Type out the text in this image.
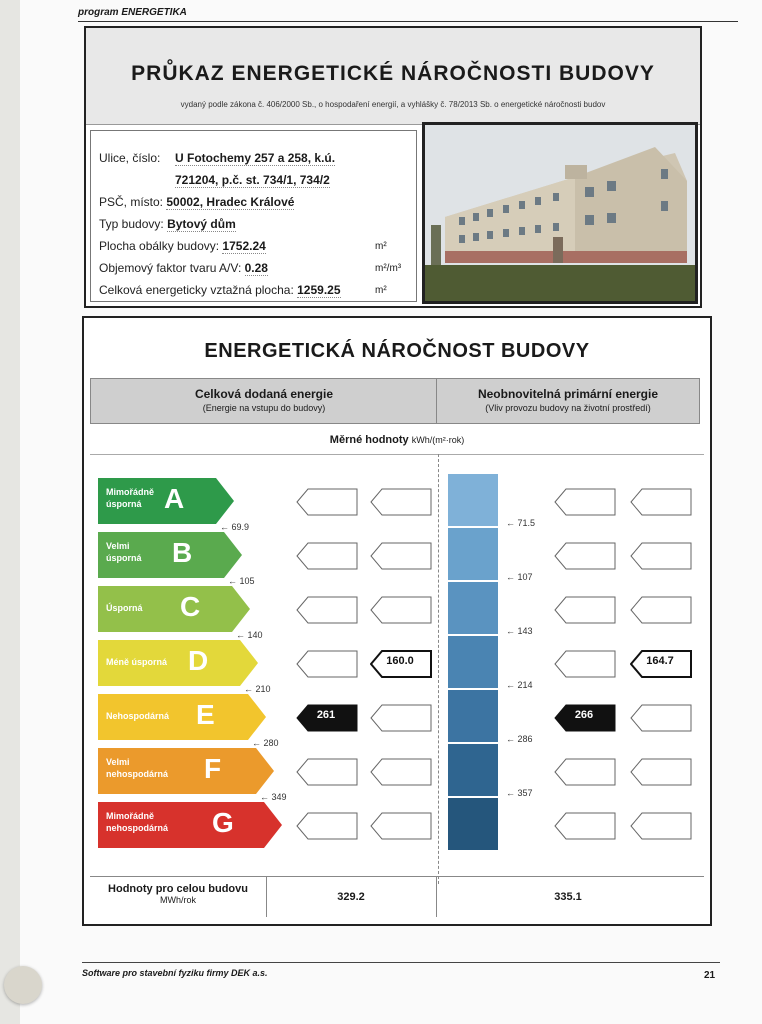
program ENERGETIKA
PRŮKAZ ENERGETICKÉ NÁROČNOSTI BUDOVY
vydaný podle zákona č. 406/2000 Sb., o hospodaření energií, a vyhlášky č. 78/2013 Sb. o energetické náročnosti budov
Ulice, číslo: U Fotochemy 257 a 258, k.ú.
721204, p.č. st. 734/1, 734/2
PSČ, místo: 50002, Hradec Králové
Typ budovy: Bytový dům
Plocha obálky budovy: 1752.24	m²
Objemový faktor tvaru A/V: 0.28	m²/m³
Celková energeticky vztažná plocha: 1259.25	m²
ENERGETICKÁ NÁROČNOST BUDOVY
Celková dodaná energie
(Energie na vstupu do budovy)
Neobnovitelná primární energie
(Vliv provozu budovy na životní prostředí)
Měrné hodnoty $_{kWh/(m^2\cdot rok)}$
Mimořádně
úsporná A
← 69.9
Velmi
úsporná B
← 105
Úsporná C
← 140
Méně úsporná D
← 210
Nehospodárná E
← 280
Velmi
nehospodárná F
← 349
Mimořádně
nehospodárná G
← 71.5
← 107
← 143
← 214
← 286
← 357
160.0	164.7
261	266
Hodnoty pro celou budovu
MWh/rok	329.2	335.1
Software pro stavební fyziku firmy DEK a.s.	21
